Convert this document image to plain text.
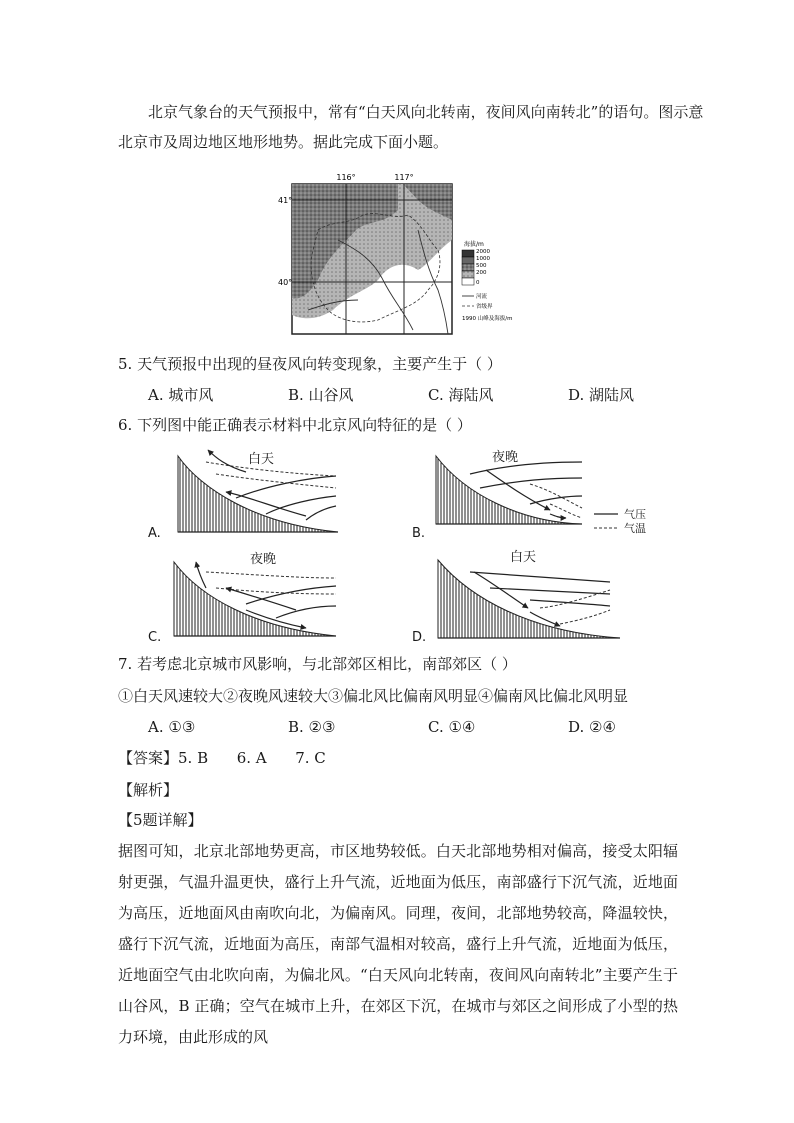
北京气象台的天气预报中，常有“白天风向北转南，夜间风向南转北”的语句。图示意
北京市及周边地区地形地势。据此完成下面小题。
116°	117°
41°
40°
海拔/m
2000
1000
500
200
0
河流
省级界
1990 山峰及海拔/m
5. 天气预报中出现的昼夜风向转变现象，主要产生于（ ）
A. 城市风	B. 山谷风	C. 海陆风	D. 湖陆风
6. 下列图中能正确表示材料中北京风向特征的是（ ）
白天
A.
夜晚
B.
气压
气温
夜晚
C.
白天
D.
7. 若考虑北京城市风影响，与北部郊区相比，南部郊区（ ）
①白天风速较大②夜晚风速较大③偏北风比偏南风明显④偏南风比偏北风明显
A. ①③	B. ②③	C. ①④	D. ②④
【答案】5. B      6. A      7. C
【解析】
【5题详解】
据图可知，北京北部地势更高，市区地势较低。白天北部地势相对偏高，接受太阳辐射更强，气温升温更快，盛行上升气流，近地面为低压，南部盛行下沉气流，近地面为高压，近地面风由南吹向北，为偏南风。同理，夜间，北部地势较高，降温较快，盛行下沉气流，近地面为高压，南部气温相对较高，盛行上升气流，近地面为低压，近地面空气由北吹向南，为偏北风。“白天风向北转南，夜间风向南转北”主要产生于山谷风，B 正确；空气在城市上升，在郊区下沉，在城市与郊区之间形成了小型的热力环境，由此形成的风
